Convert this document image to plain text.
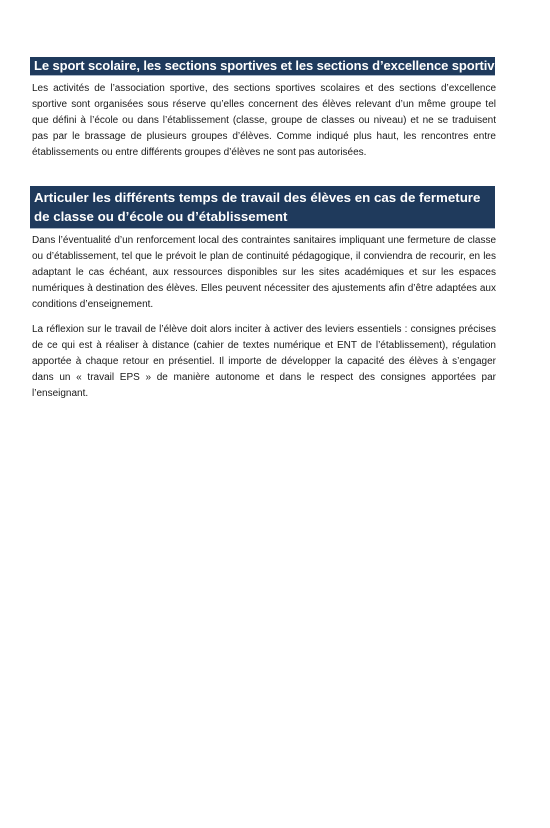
Le sport scolaire, les sections sportives et les sections d’excellence sportive

Les activités de l’association sportive, des sections sportives scolaires et des sections d’excellence sportive sont organisées sous réserve qu’elles concernent des élèves relevant d’un même groupe tel que défini à l’école ou dans l’établissement (classe, groupe de classes ou niveau) et ne se traduisent pas par le brassage de plusieurs groupes d’élèves. Comme indiqué plus haut, les rencontres entre établissements ou entre différents groupes d’élèves ne sont pas autorisées.

Articuler les différents temps de travail des élèves en cas de fermeture de classe ou d’école ou d’établissement

Dans l’éventualité d’un renforcement local des contraintes sanitaires impliquant une fermeture de classe ou d’établissement, tel que le prévoit le plan de continuité pédagogique, il conviendra de recourir, en les adaptant le cas échéant, aux ressources disponibles sur les sites académiques et sur les espaces numériques à destination des élèves. Elles peuvent nécessiter des ajustements afin d’être adaptées aux conditions d’enseignement.

La réflexion sur le travail de l’élève doit alors inciter à activer des leviers essentiels : consignes précises de ce qui est à réaliser à distance (cahier de textes numérique et ENT de l’établissement), régulation apportée à chaque retour en présentiel. Il importe de développer la capacité des élèves à s’engager dans un « travail EPS » de manière autonome et dans le respect des consignes apportées par l’enseignant.
